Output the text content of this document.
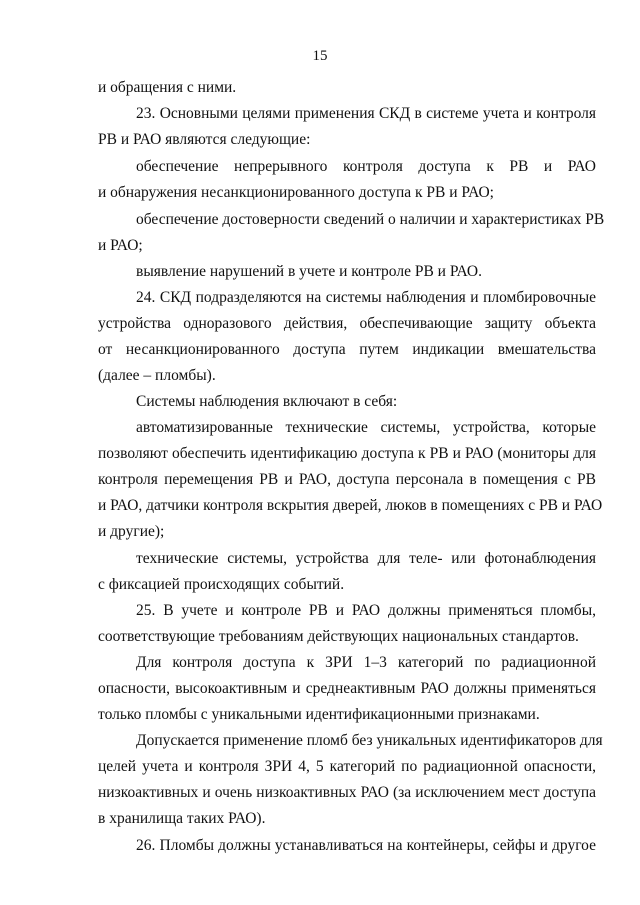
15
и обращения с ними.
23. Основными целями применения СКД в системе учета и контроля
РВ и РАО являются следующие:
обеспечение непрерывного контроля доступа к РВ и РАО
и обнаружения несанкционированного доступа к РВ и РАО;
обеспечение достоверности сведений о наличии и характеристиках РВ
и РАО;
выявление нарушений в учете и контроле РВ и РАО.
24. СКД подразделяются на системы наблюдения и пломбировочные
устройства одноразового действия, обеспечивающие защиту объекта
от несанкционированного доступа путем индикации вмешательства
(далее – пломбы).
Системы наблюдения включают в себя:
автоматизированные технические системы, устройства, которые
позволяют обеспечить идентификацию доступа к РВ и РАО (мониторы для
контроля перемещения РВ и РАО, доступа персонала в помещения с РВ
и РАО, датчики контроля вскрытия дверей, люков в помещениях с РВ и РАО
и другие);
технические системы, устройства для теле- или фотонаблюдения
с фиксацией происходящих событий.
25. В учете и контроле РВ и РАО должны применяться пломбы,
соответствующие требованиям действующих национальных стандартов.
Для контроля доступа к ЗРИ 1–3 категорий по радиационной
опасности, высокоактивным и среднеактивным РАО должны применяться
только пломбы с уникальными идентификационными признаками.
Допускается применение пломб без уникальных идентификаторов для
целей учета и контроля ЗРИ 4, 5 категорий по радиационной опасности,
низкоактивных и очень низкоактивных РАО (за исключением мест доступа
в хранилища таких РАО).
26. Пломбы должны устанавливаться на контейнеры, сейфы и другое
